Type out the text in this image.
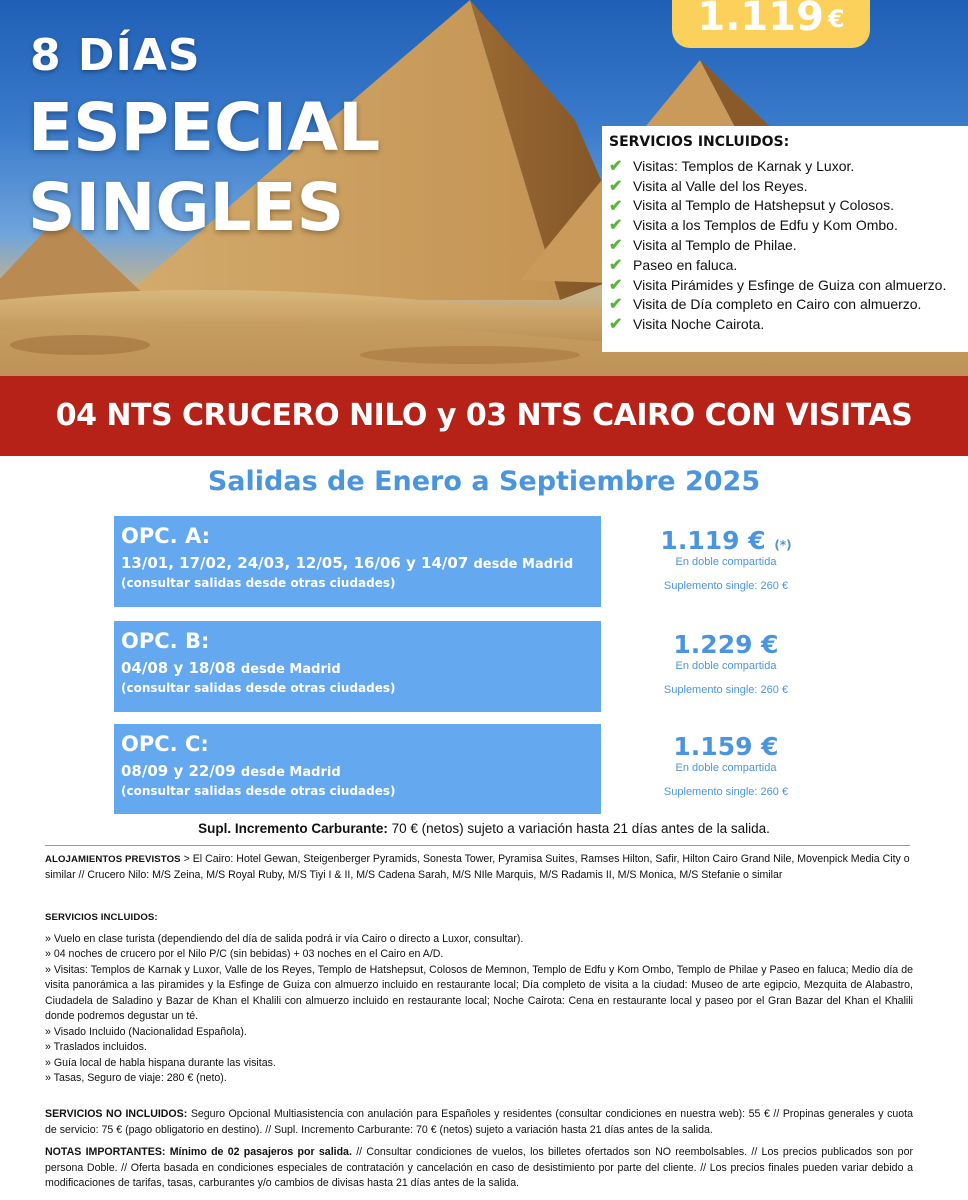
8 DÍAS
ESPECIAL
SINGLES
1.119 €
SERVICIOS INCLUIDOS:
✔ Visitas: Templos de Karnak y Luxor.
✔ Visita al Valle del los Reyes.
✔ Visita al Templo de Hatshepsut y Colosos.
✔ Visita a los Templos de Edfu y Kom Ombo.
✔ Visita al Templo de Philae.
✔ Paseo en faluca.
✔ Visita Pirámides y Esfinge de Guiza con almuerzo.
✔ Visita de Día completo en Cairo con almuerzo.
✔ Visita Noche Cairota.
04 NTS CRUCERO NILO y 03 NTS CAIRO CON VISITAS
Salidas de Enero a Septiembre 2025
OPC. A:
13/01, 17/02, 24/03, 12/05, 16/06 y 14/07 desde Madrid
(consultar salidas desde otras ciudades)
1.119 € (*)
En doble compartida
Suplemento single: 260 €
OPC. B:
04/08 y 18/08 desde Madrid
(consultar salidas desde otras ciudades)
1.229 €
En doble compartida
Suplemento single: 260 €
OPC. C:
08/09 y 22/09 desde Madrid
(consultar salidas desde otras ciudades)
1.159 €
En doble compartida
Suplemento single: 260 €

Supl. Incremento Carburante: 70 € (netos) sujeto a variación hasta 21 días antes de la salida.

ALOJAMIENTOS PREVISTOS > El Cairo: Hotel Gewan, Steigenberger Pyramids, Sonesta Tower, Pyramisa Suites, Ramses Hilton, Safir, Hilton Cairo Grand Nile, Movenpick Media City o similar // Crucero Nilo: M/S Zeina, M/S Royal Ruby, M/S Tiyi I & II, M/S Cadena Sarah, M/S NIle Marquis, M/S Radamis II, M/S Monica, M/S Stefanie o similar

SERVICIOS INCLUIDOS:
» Vuelo en clase turista (dependiendo del día de salida podrá ir vía Cairo o directo a Luxor, consultar).
» 04 noches de crucero por el Nilo P/C (sin bebidas) + 03 noches en el Cairo en A/D.
» Visitas: Templos de Karnak y Luxor, Valle de los Reyes, Templo de Hatshepsut, Colosos de Memnon, Templo de Edfu y Kom Ombo, Templo de Philae y Paseo en faluca; Medio día de visita panorámica a las piramides y la Esfinge de Guiza con almuerzo incluido en restaurante local; Día completo de visita a la ciudad: Museo de arte egipcio, Mezquita de Alabastro, Ciudadela de Saladino y Bazar de Khan el Khalili con almuerzo incluido en restaurante local; Noche Cairota: Cena en restaurante local y paseo por el Gran Bazar del Khan el Khalili donde podremos degustar un té.
» Visado Incluido (Nacionalidad Española).
» Traslados incluidos.
» Guía local de habla hispana durante las visitas.
» Tasas, Seguro de viaje: 280 € (neto).

SERVICIOS NO INCLUIDOS: Seguro Opcional Multiasistencia con anulación para Españoles y residentes (consultar condiciones en nuestra web): 55 € // Propinas generales y cuota de servicio: 75 € (pago obligatorio en destino). // Supl. Incremento Carburante: 70 € (netos) sujeto a variación hasta 21 días antes de la salida.

NOTAS IMPORTANTES: Mínimo de 02 pasajeros por salida. // Consultar condiciones de vuelos, los billetes ofertados son NO reembolsables. // Los precios publicados son por persona Doble. // Oferta basada en condiciones especiales de contratación y cancelación en caso de desistimiento por parte del cliente. // Los precios finales pueden variar debido a modificaciones de tarifas, tasas, carburantes y/o cambios de divisas hasta 21 días antes de la salida.
